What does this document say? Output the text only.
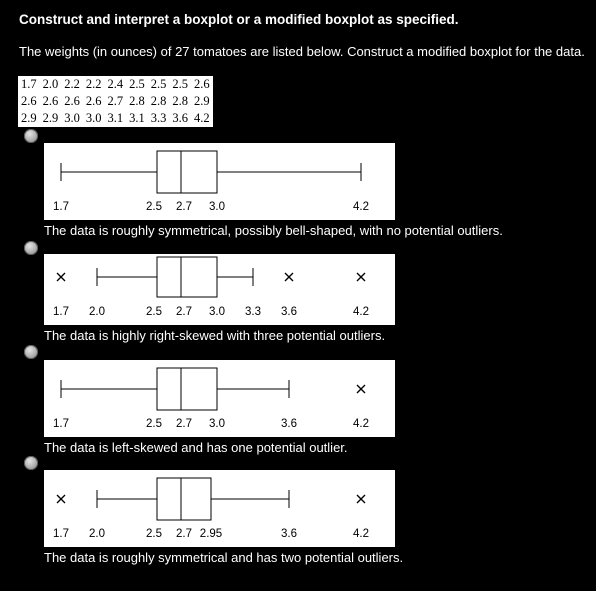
Construct and interpret a boxplot or a modified boxplot as specified.

The weights (in ounces) of 27 tomatoes are listed below. Construct a modified boxplot for the data.

1.7	2.0	2.2	2.2	2.4	2.5	2.5	2.5	2.6
2.6	2.6	2.6	2.6	2.7	2.8	2.8	2.8	2.9
2.9	2.9	3.0	3.0	3.1	3.1	3.3	3.6	4.2
1.7	2.5 2.7 3.0	4.2
The data is roughly symmetrical, possibly bell-shaped, with no potential outliers.
1.7 2.0	2.5 2.7 3.0 3.3 3.6	4.2
The data is highly right-skewed with three potential outliers.
1.7	2.5 2.7 3.0	3.6	4.2
The data is left-skewed and has one potential outlier.
1.7 2.0	2.5 2.7 2.95	3.6	4.2
The data is roughly symmetrical and has two potential outliers.
